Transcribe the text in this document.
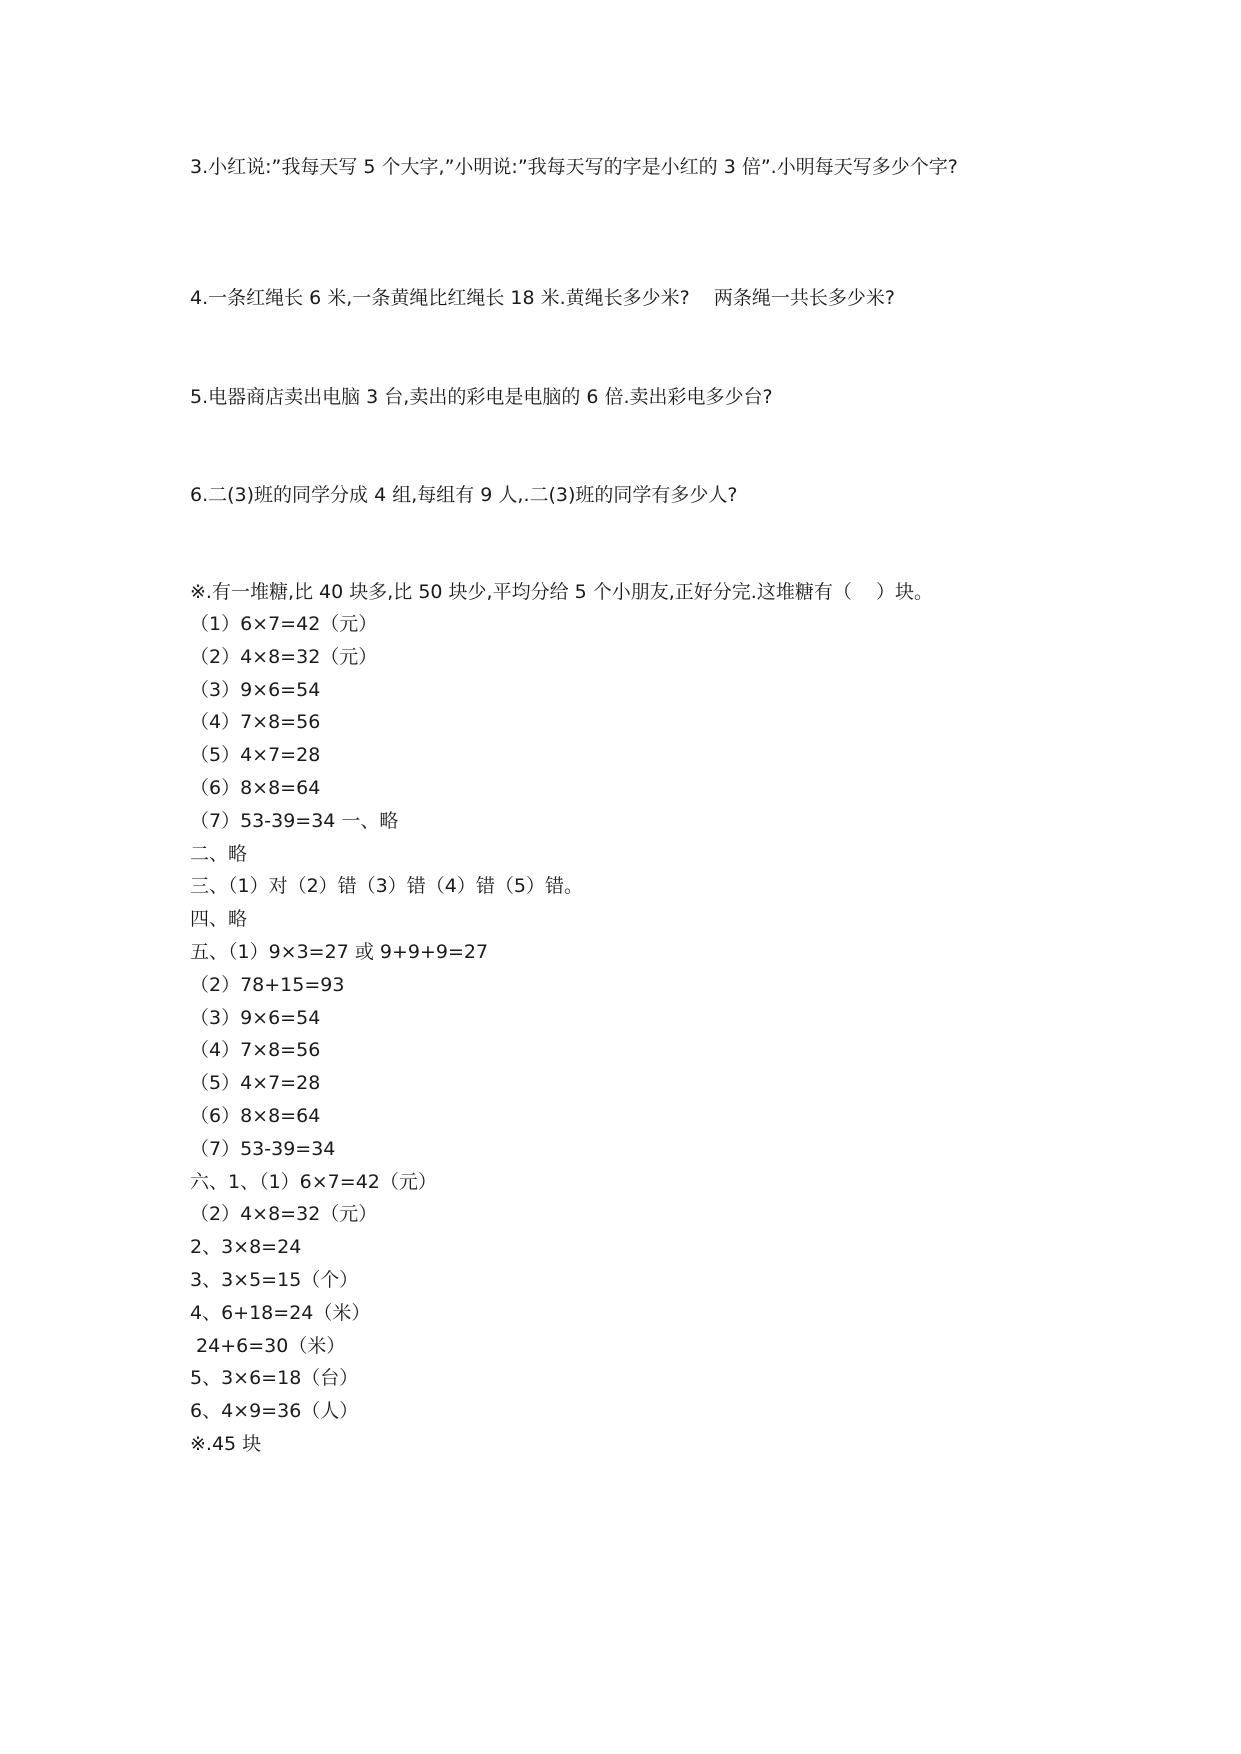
3.小红说:”我每天写 5 个大字,”小明说:”我每天写的字是小红的 3 倍”.小明每天写多少个字?
4.一条红绳长 6 米,一条黄绳比红绳长 18 米.黄绳长多少米?    两条绳一共长多少米?
5.电器商店卖出电脑 3 台,卖出的彩电是电脑的 6 倍.卖出彩电多少台?
6.二(3)班的同学分成 4 组,每组有 9 人,.二(3)班的同学有多少人?
※.有一堆糖,比 40 块多,比 50 块少,平均分给 5 个小朋友,正好分完.这堆糖有（    ）块。
（1）6×7=42（元）
（2）4×8=32（元）
（3）9×6=54
（4）7×8=56
（5）4×7=28
（6）8×8=64
（7）53-39=34 一、略
二、略
三、（1）对（2）错（3）错（4）错（5）错。
四、略
五、（1）9×3=27 或 9+9+9=27
（2）78+15=93
（3）9×6=54
（4）7×8=56
（5）4×7=28
（6）8×8=64
（7）53-39=34
六、1、（1）6×7=42（元）
（2）4×8=32（元）
2、3×8=24
3、3×5=15（个）
4、6+18=24（米）
24+6=30（米）
5、3×6=18（台）
6、4×9=36（人）
※.45 块
